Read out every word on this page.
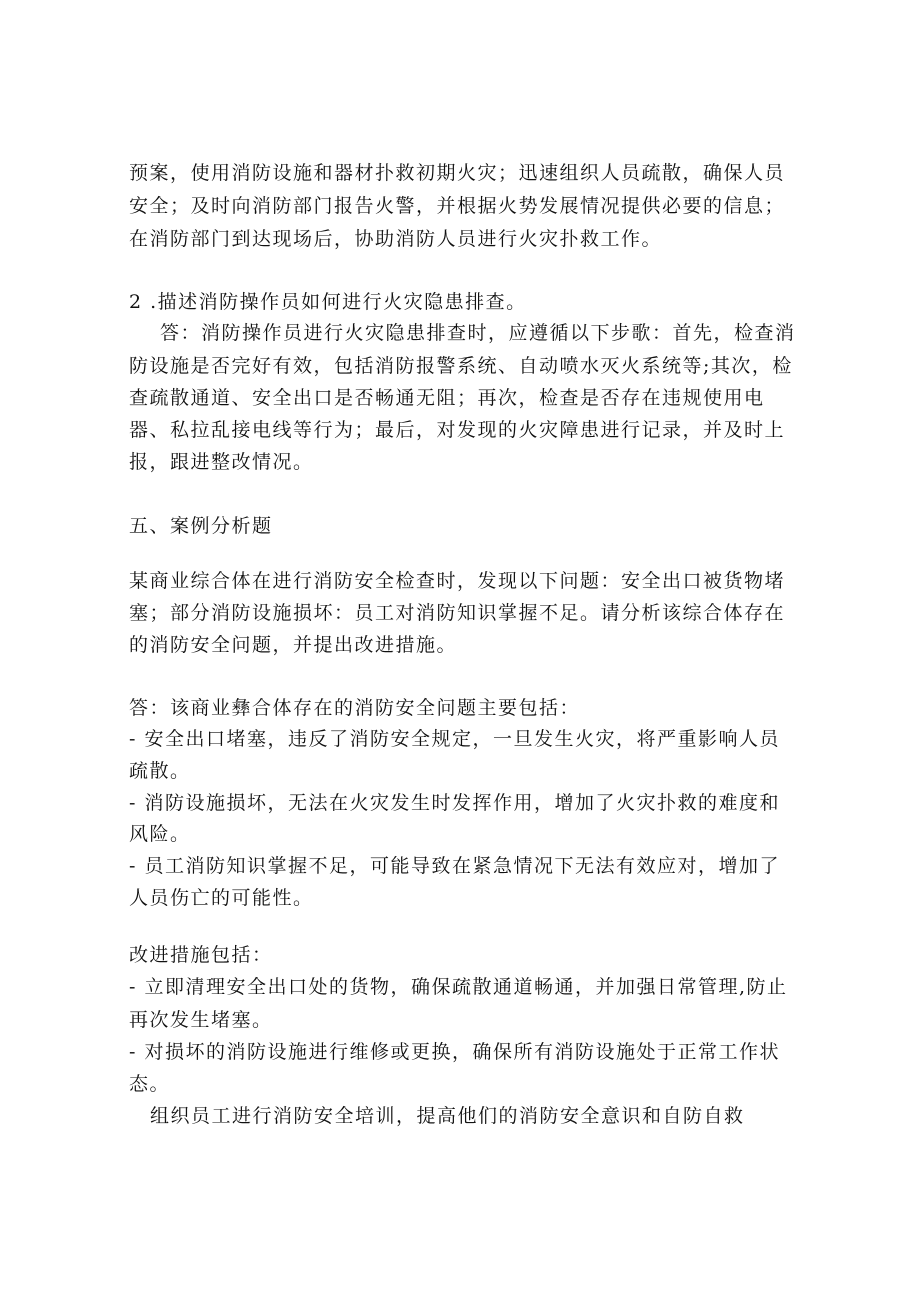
预案，使用消防设施和器材扑救初期火灾；迅速组织人员疏散，确保人员
安全；及时向消防部门报告火警，并根据火势发展情况提供必要的信息；
在消防部门到达现场后，协助消防人员进行火灾扑救工作。
2 .描述消防操作员如何进行火灾隐患排查。
答：消防操作员进行火灾隐患排查时，应遵循以下步歌：首先，检查消
防设施是否完好有效，包括消防报警系统、自动喷水灭火系统等;其次，检
查疏散通道、安全出口是否畅通无阻；再次，检查是否存在违规使用电
器、私拉乱接电线等行为；最后，对发现的火灾障患进行记录，并及时上
报，跟进整改情况。
五、案例分析题
某商业综合体在进行消防安全检查时，发现以下问题：安全出口被货物堵
塞；部分消防设施损坏：员工对消防知识掌握不足。请分析该综合体存在
的消防安全问题，并提出改进措施。
答：该商业彝合体存在的消防安全问题主要包括：
- 安全出口堵塞，违反了消防安全规定，一旦发生火灾，将严重影响人员
疏散。
- 消防设施损坏，无法在火灾发生时发挥作用，增加了火灾扑救的难度和
风险。
- 员工消防知识掌握不足，可能导致在紧急情况下无法有效应对，增加了
人员伤亡的可能性。
改进措施包括：
- 立即清理安全出口处的货物，确保疏散通道畅通，并加强日常管理,防止
再次发生堵塞。
- 对损坏的消防设施进行维修或更换，确保所有消防设施处于正常工作状
态。
组织员工进行消防安全培训，提高他们的消防安全意识和自防自救
